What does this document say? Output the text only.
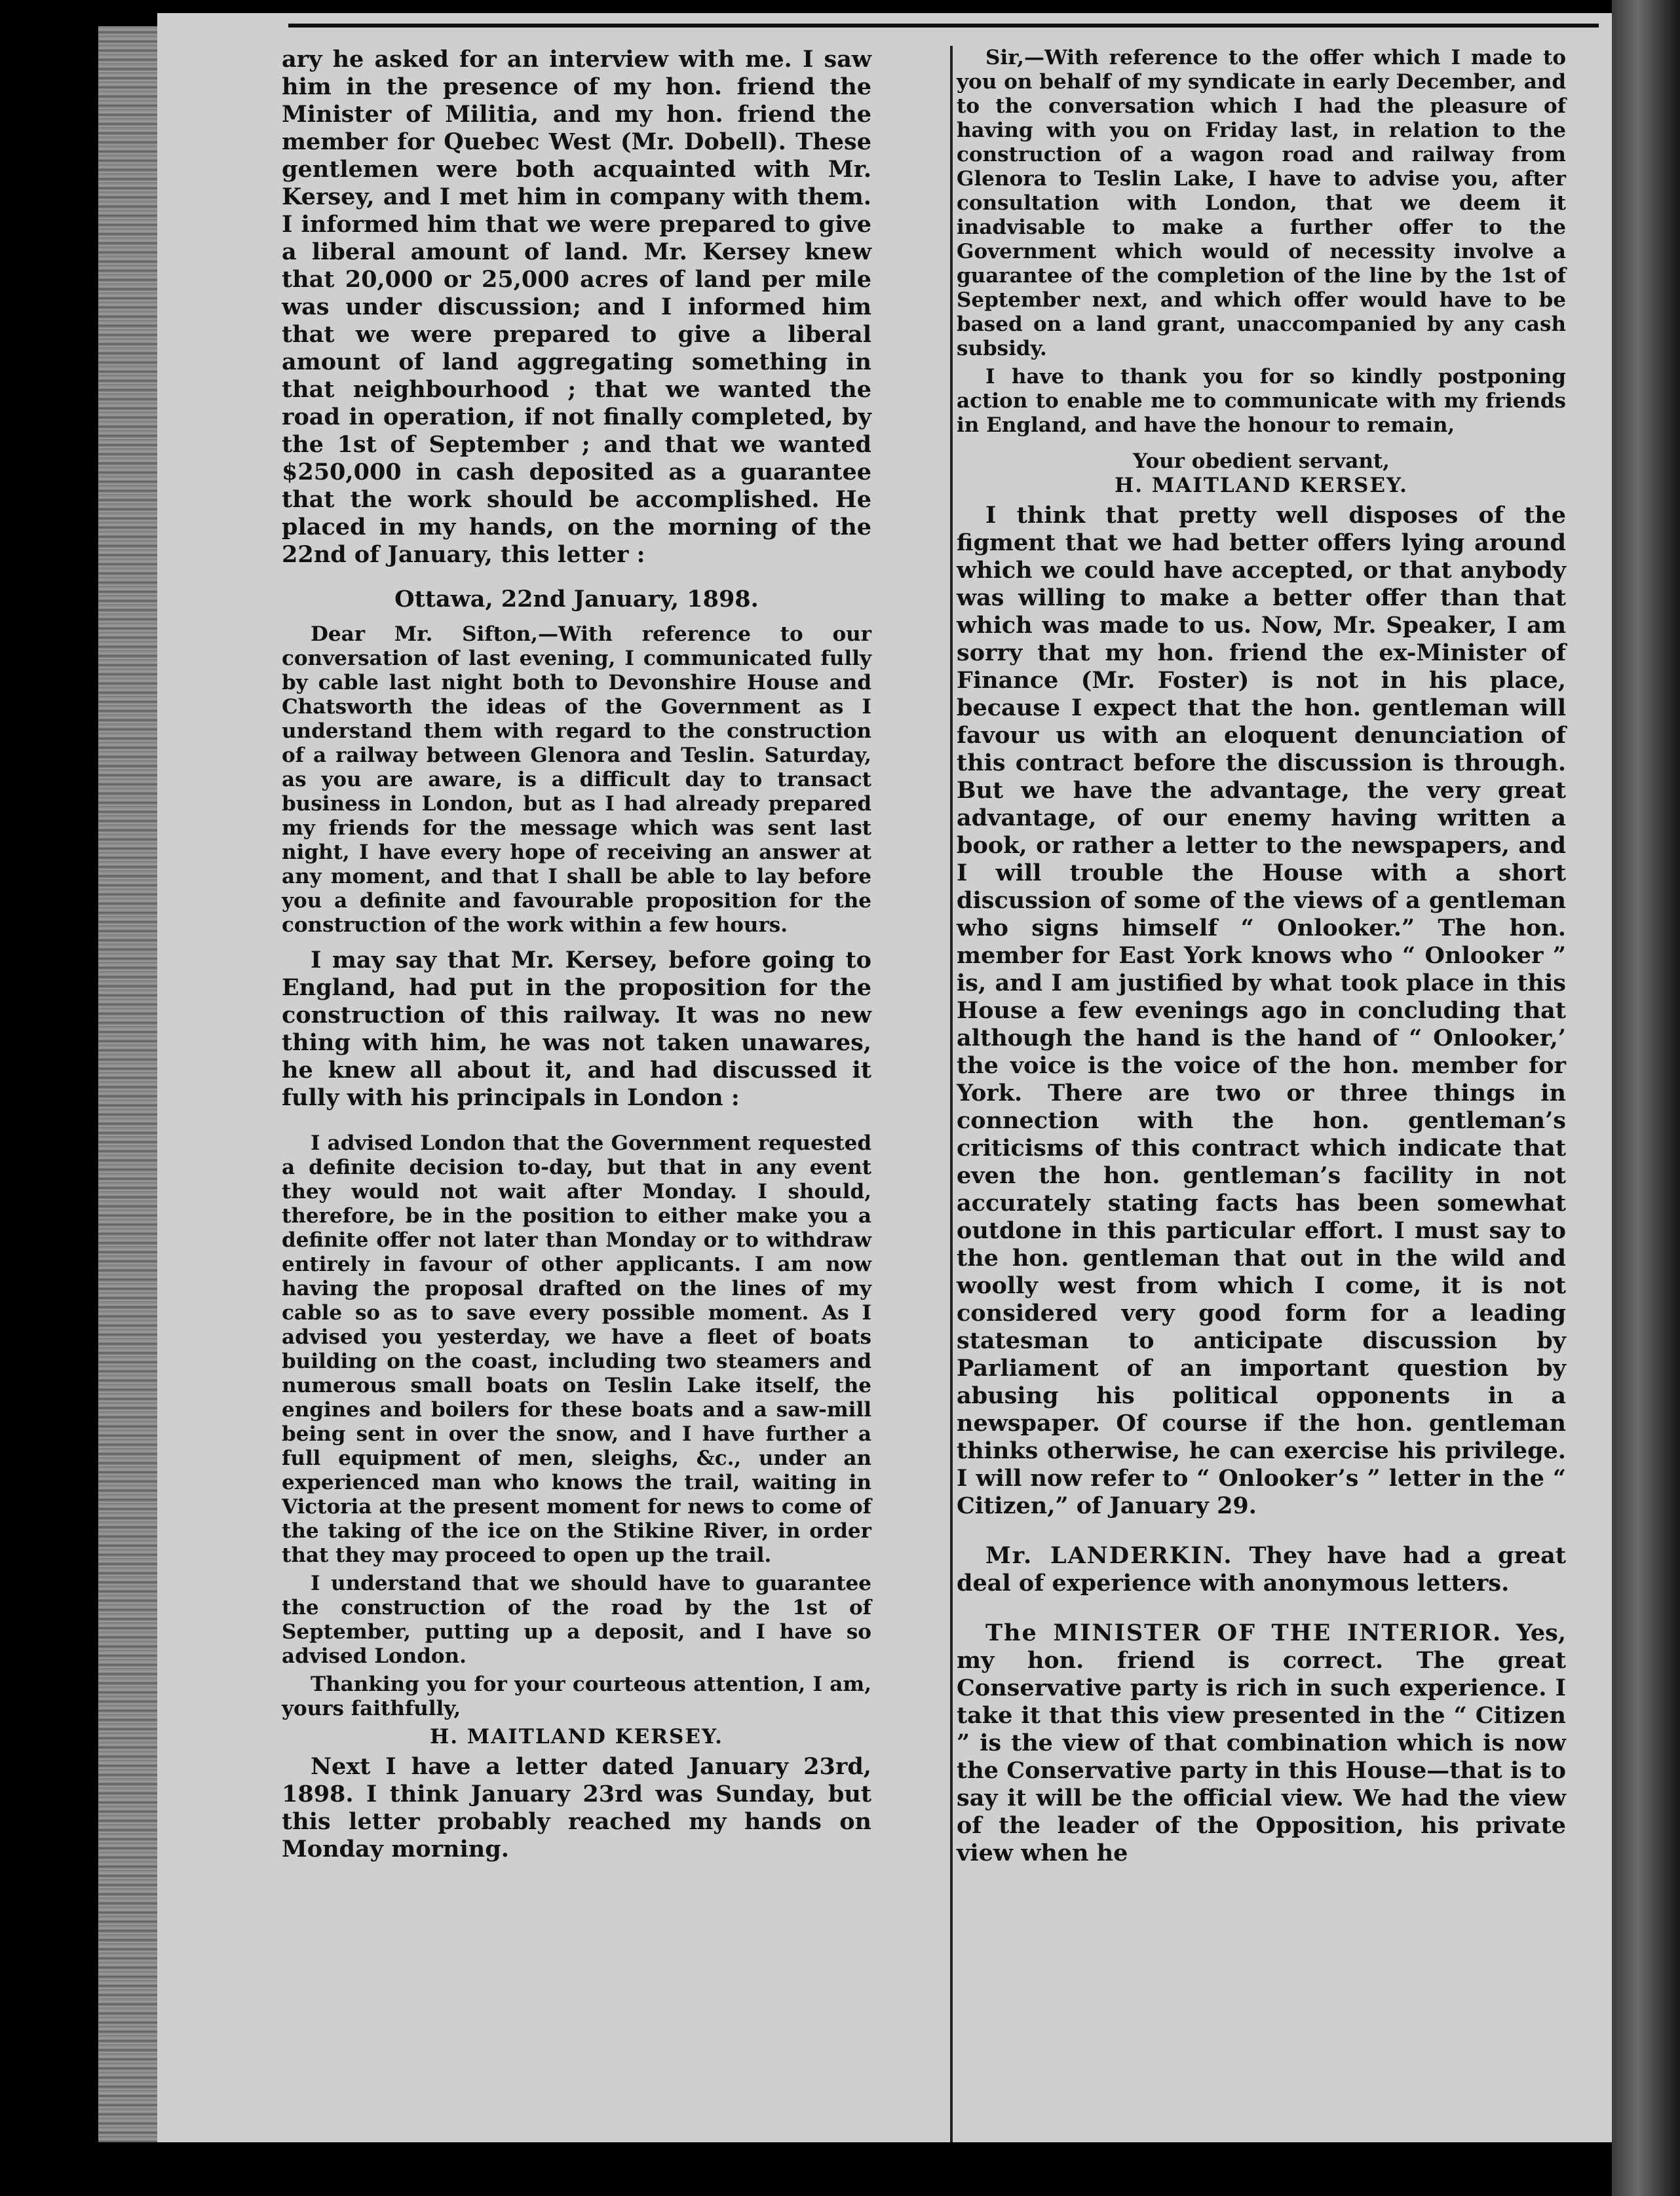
ary he asked for an interview with me. I saw him in the presence of my hon. friend the Minister of Militia, and my hon. friend the member for Quebec West (Mr. Dobell). These gentlemen were both acquainted with Mr. Kersey, and I met him in company with them. I informed him that we were prepared to give a liberal amount of land. Mr. Kersey knew that 20,000 or 25,000 acres of land per mile was under discussion; and I informed him that we were prepared to give a liberal amount of land aggregating something in that neighbourhood ; that we wanted the road in operation, if not finally completed, by the 1st of September ; and that we wanted $250,000 in cash deposited as a guarantee that the work should be accomplished. He placed in my hands, on the morning of the 22nd of January, this letter :

Ottawa, 22nd January, 1898.

Dear Mr. Sifton,—With reference to our conversation of last evening, I communicated fully by cable last night both to Devonshire House and Chatsworth the ideas of the Government as I understand them with regard to the construction of a railway between Glenora and Teslin. Saturday, as you are aware, is a difficult day to transact business in London, but as I had already prepared my friends for the message which was sent last night, I have every hope of receiving an answer at any moment, and that I shall be able to lay before you a definite and favourable proposition for the construction of the work within a few hours.

I may say that Mr. Kersey, before going to England, had put in the proposition for the construction of this railway. It was no new thing with him, he was not taken unawares, he knew all about it, and had discussed it fully with his principals in London :

I advised London that the Government requested a definite decision to-day, but that in any event they would not wait after Monday. I should, therefore, be in the position to either make you a definite offer not later than Monday or to withdraw entirely in favour of other applicants. I am now having the proposal drafted on the lines of my cable so as to save every possible moment. As I advised you yesterday, we have a fleet of boats building on the coast, including two steamers and numerous small boats on Teslin Lake itself, the engines and boilers for these boats and a saw-mill being sent in over the snow, and I have further a full equipment of men, sleighs, &c., under an experienced man who knows the trail, waiting in Victoria at the present moment for news to come of the taking of the ice on the Stikine River, in order that they may proceed to open up the trail.

I understand that we should have to guarantee the construction of the road by the 1st of September, putting up a deposit, and I have so advised London.

Thanking you for your courteous attention, I am, yours faithfully,

H. MAITLAND KERSEY.

Next I have a letter dated January 23rd, 1898. I think January 23rd was Sunday, but this letter probably reached my hands on Monday morning.

Sir,—With reference to the offer which I made to you on behalf of my syndicate in early December, and to the conversation which I had the pleasure of having with you on Friday last, in relation to the construction of a wagon road and railway from Glenora to Teslin Lake, I have to advise you, after consultation with London, that we deem it inadvisable to make a further offer to the Government which would of necessity involve a guarantee of the completion of the line by the 1st of September next, and which offer would have to be based on a land grant, unaccompanied by any cash subsidy.

I have to thank you for so kindly postponing action to enable me to communicate with my friends in England, and have the honour to remain,

Your obedient servant,

H. MAITLAND KERSEY.

I think that pretty well disposes of the figment that we had better offers lying around which we could have accepted, or that anybody was willing to make a better offer than that which was made to us. Now, Mr. Speaker, I am sorry that my hon. friend the ex-Minister of Finance (Mr. Foster) is not in his place, because I expect that the hon. gentleman will favour us with an eloquent denunciation of this contract before the discussion is through. But we have the advantage, the very great advantage, of our enemy having written a book, or rather a letter to the newspapers, and I will trouble the House with a short discussion of some of the views of a gentleman who signs himself “ Onlooker.” The hon. member for East York knows who “ Onlooker ” is, and I am justified by what took place in this House a few evenings ago in concluding that although the hand is the hand of “ Onlooker,’ the voice is the voice of the hon. member for York. There are two or three things in connection with the hon. gentleman’s criticisms of this contract which indicate that even the hon. gentleman’s facility in not accurately stating facts has been somewhat outdone in this particular effort. I must say to the hon. gentleman that out in the wild and woolly west from which I come, it is not considered very good form for a leading statesman to anticipate discussion by Parliament of an important question by abusing his political opponents in a newspaper. Of course if the hon. gentleman thinks otherwise, he can exercise his privilege. I will now refer to “ Onlooker’s ” letter in the “ Citizen,” of January 29.

Mr. LANDERKIN. They have had a great deal of experience with anonymous letters.

The MINISTER OF THE INTERIOR. Yes, my hon. friend is correct. The great Conservative party is rich in such experience. I take it that this view presented in the “ Citizen ” is the view of that combination which is now the Conservative party in this House—that is to say it will be the official view. We had the view of the leader of the Opposition, his private view when he
